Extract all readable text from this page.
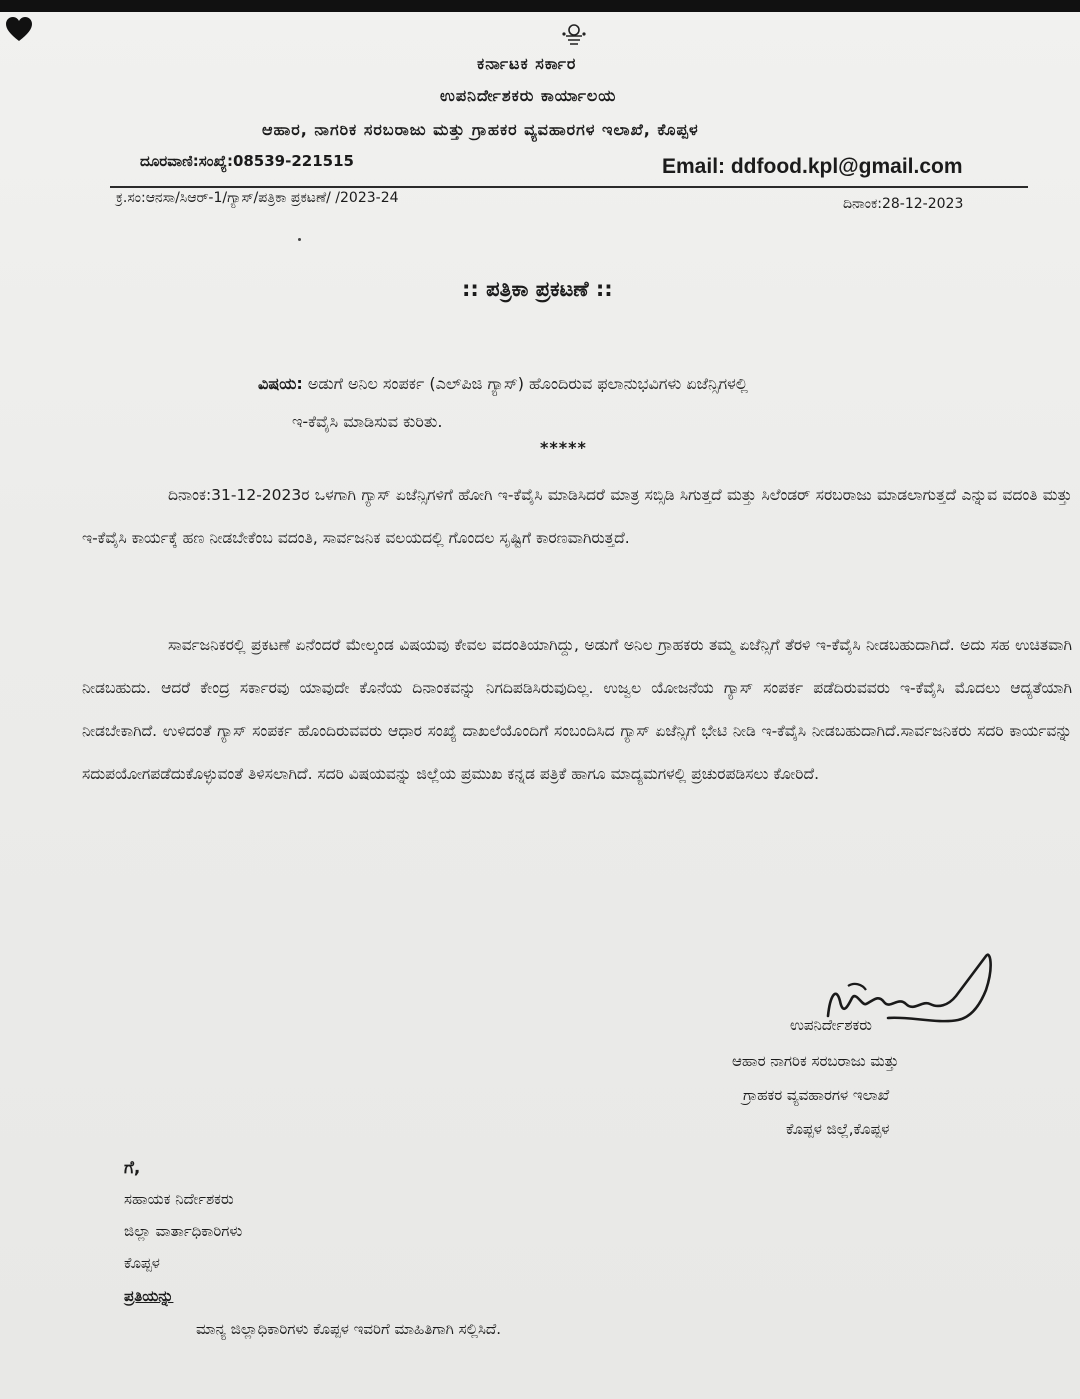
ಕರ್ನಾಟಕ ಸರ್ಕಾರ
ಉಪನಿರ್ದೇಶಕರು ಕಾರ್ಯಾಲಯ
ಆಹಾರ, ನಾಗರಿಕ ಸರಬರಾಜು ಮತ್ತು ಗ್ರಾಹಕರ ವ್ಯವಹಾರಗಳ ಇಲಾಖೆ, ಕೊಪ್ಪಳ
ದೂರವಾಣಿ:ಸಂಖ್ಯೆ:08539-221515	Email: ddfood.kpl@gmail.com
ಕ್ರ.ಸಂ:ಆನಸಾ/ಸಿಆರ್-1/ಗ್ಯಾಸ್/ಪತ್ರಿಕಾ ಪ್ರಕಟಣೆ/ /2023-24	ದಿನಾಂಕ:28-12-2023
:: ಪತ್ರಿಕಾ ಪ್ರಕಟಣೆ ::
ವಿಷಯ: ಅಡುಗೆ ಅನಿಲ ಸಂಪರ್ಕ (ಎಲ್‌ಪಿಜಿ ಗ್ಯಾಸ್) ಹೊಂದಿರುವ ಫಲಾನುಭವಿಗಳು ಏಜೆನ್ಸಿಗಳಲ್ಲಿ
ಇ-ಕೆವೈಸಿ ಮಾಡಿಸುವ ಕುರಿತು.
*****
ದಿನಾಂಕ:31-12-2023ರ ಒಳಗಾಗಿ ಗ್ಯಾಸ್ ಏಜೆನ್ಸಿಗಳಿಗೆ ಹೋಗಿ ಇ-ಕೆವೈಸಿ ಮಾಡಿಸಿದರೆ ಮಾತ್ರ ಸಬ್ಸಿಡಿ ಸಿಗುತ್ತದೆ ಮತ್ತು ಸಿಲೆಂಡರ್ ಸರಬರಾಜು ಮಾಡಲಾಗುತ್ತದೆ ಎನ್ನುವ ವದಂತಿ ಮತ್ತು ಇ-ಕೆವೈಸಿ ಕಾರ್ಯಕ್ಕೆ ಹಣ ನೀಡಬೇಕೆಂಬ ವದಂತಿ, ಸಾರ್ವಜನಿಕ ವಲಯದಲ್ಲಿ ಗೊಂದಲ ಸೃಷ್ಟಿಗೆ ಕಾರಣವಾಗಿರುತ್ತದೆ.
ಸಾರ್ವಜನಿಕರಲ್ಲಿ ಪ್ರಕಟಣೆ ಏನೆಂದರೆ ಮೇಲ್ಕಂಡ ವಿಷಯವು ಕೇವಲ ವದಂತಿಯಾಗಿದ್ದು, ಅಡುಗೆ ಅನಿಲ ಗ್ರಾಹಕರು ತಮ್ಮ ಏಜೆನ್ಸಿಗೆ ತೆರಳಿ ಇ-ಕೆವೈಸಿ ನೀಡಬಹುದಾಗಿದೆ. ಅದು ಸಹ ಉಚಿತವಾಗಿ ನೀಡಬಹುದು. ಆದರೆ ಕೇಂದ್ರ ಸರ್ಕಾರವು ಯಾವುದೇ ಕೊನೆಯ ದಿನಾಂಕವನ್ನು ನಿಗದಿಪಡಿಸಿರುವುದಿಲ್ಲ. ಉಜ್ವಲ ಯೋಜನೆಯ ಗ್ಯಾಸ್ ಸಂಪರ್ಕ ಪಡೆದಿರುವವರು ಇ-ಕೆವೈಸಿ ಮೊದಲು ಆದ್ಯತೆಯಾಗಿ ನೀಡಬೇಕಾಗಿದೆ. ಉಳಿದಂತೆ ಗ್ಯಾಸ್ ಸಂಪರ್ಕ ಹೊಂದಿರುವವರು ಆಧಾರ ಸಂಖ್ಯೆ ದಾಖಲೆಯೊಂದಿಗೆ ಸಂಬಂದಿಸಿದ ಗ್ಯಾಸ್ ಏಜೆನ್ಸಿಗೆ ಭೇಟಿ ನೀಡಿ ಇ-ಕೆವೈಸಿ ನೀಡಬಹುದಾಗಿದೆ.ಸಾರ್ವಜನಿಕರು ಸದರಿ ಕಾರ್ಯವನ್ನು ಸದುಪಯೋಗಪಡೆದುಕೊಳ್ಳುವಂತೆ ತಿಳಿಸಲಾಗಿದೆ. ಸದರಿ ವಿಷಯವನ್ನು ಜಿಲ್ಲೆಯ ಪ್ರಮುಖ ಕನ್ನಡ ಪತ್ರಿಕೆ ಹಾಗೂ ಮಾದ್ಯಮಗಳಲ್ಲಿ ಪ್ರಚುರಪಡಿಸಲು ಕೋರಿದೆ.
ಉಪನಿರ್ದೇಶಕರು
ಆಹಾರ ನಾಗರಿಕ ಸರಬರಾಜು ಮತ್ತು
ಗ್ರಾಹಕರ ವ್ಯವಹಾರಗಳ ಇಲಾಖೆ
ಕೊಪ್ಪಳ ಜಿಲ್ಲೆ,ಕೊಪ್ಪಳ
ಗೆ,
ಸಹಾಯಕ ನಿರ್ದೇಶಕರು
ಜಿಲ್ಲಾ ವಾರ್ತಾಧಿಕಾರಿಗಳು
ಕೊಪ್ಪಳ
ಪ್ರತಿಯನ್ನು
ಮಾನ್ಯ ಜಿಲ್ಲಾಧಿಕಾರಿಗಳು ಕೊಪ್ಪಳ ಇವರಿಗೆ ಮಾಹಿತಿಗಾಗಿ ಸಲ್ಲಿಸಿದೆ.
